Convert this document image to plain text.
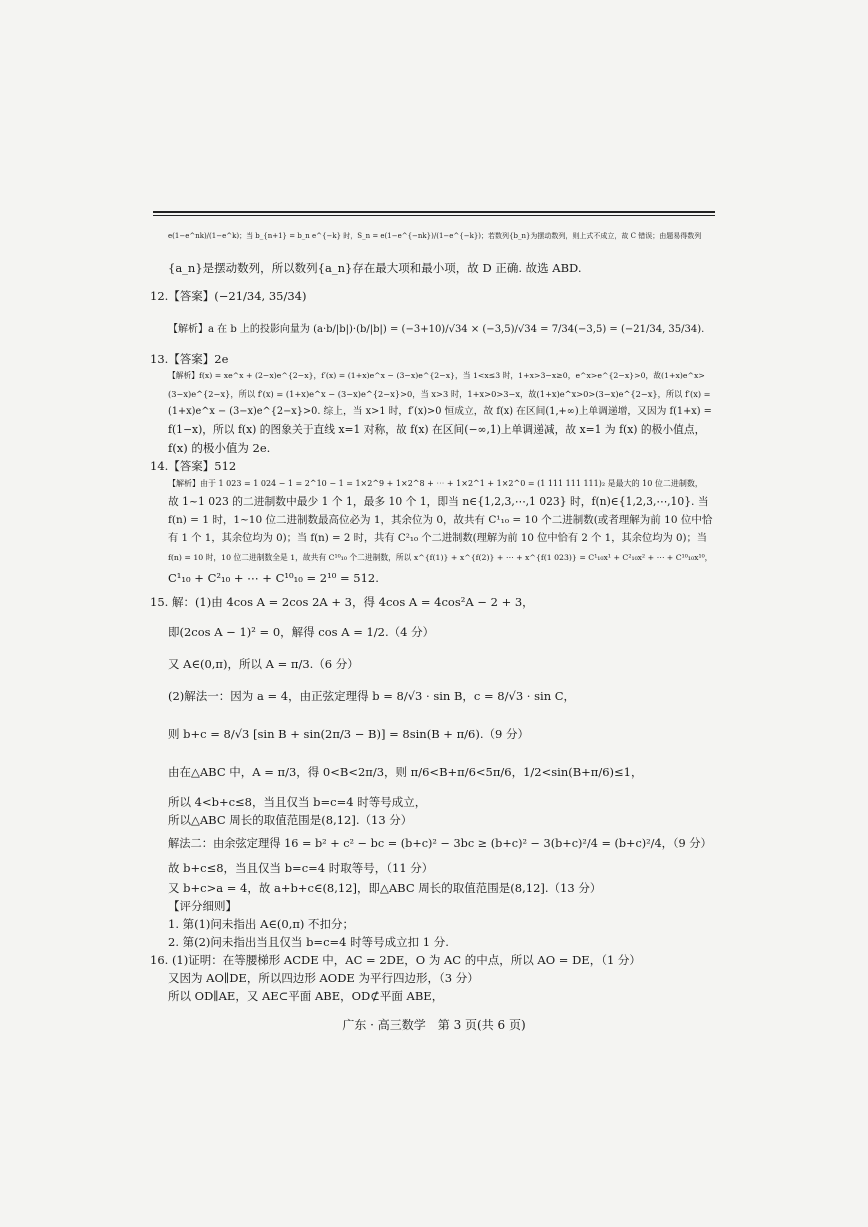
e(1−e^nk)/(1−e^k)；当 b_{n+1} = b_n e^{−k} 时，S_n = e(1−e^{−nk})/(1−e^{−k})；若数列{b_n}为摆动数列，则上式不成立，故 C 错误；由题易得数列
{a_n}是摆动数列，所以数列{a_n}存在最大项和最小项，故 D 正确. 故选 ABD.
12.【答案】(−21/34, 35/34)
【解析】a 在 b 上的投影向量为 (a·b/|b|)·(b/|b|) = (−3+10)/√34 × (−3,5)/√34 = 7/34(−3,5) = (−21/34, 35/34).
13.【答案】2e
【解析】f(x) = xe^x + (2−x)e^{2−x}，f′(x) = (1+x)e^x − (3−x)e^{2−x}，当 1<x≤3 时，1+x>3−x≥0，e^x>e^{2−x}>0，故(1+x)e^x>
(3−x)e^{2−x}，所以 f′(x) = (1+x)e^x − (3−x)e^{2−x}>0，当 x>3 时，1+x>0>3−x，故(1+x)e^x>0>(3−x)e^{2−x}，所以 f′(x) =
(1+x)e^x − (3−x)e^{2−x}>0. 综上，当 x>1 时，f′(x)>0 恒成立，故 f(x) 在区间(1,+∞)上单调递增，又因为 f(1+x) =
f(1−x)，所以 f(x) 的图象关于直线 x=1 对称，故 f(x) 在区间(−∞,1)上单调递减，故 x=1 为 f(x) 的极小值点，
f(x) 的极小值为 2e.
14.【答案】512
【解析】由于 1 023 = 1 024 − 1 = 2^10 − 1 = 1×2^9 + 1×2^8 + ⋯ + 1×2^1 + 1×2^0 = (1 111 111 111)₂ 是最大的 10 位二进制数，
故 1~1 023 的二进制数中最少 1 个 1，最多 10 个 1，即当 n∈{1,2,3,⋯,1 023} 时，f(n)∈{1,2,3,⋯,10}. 当
f(n) = 1 时，1~10 位二进制数最高位必为 1，其余位为 0，故共有 C¹₁₀ = 10 个二进制数(或者理解为前 10 位中恰
有 1 个 1，其余位均为 0)；当 f(n) = 2 时，共有 C²₁₀ 个二进制数(理解为前 10 位中恰有 2 个 1，其余位均为 0)；当
f(n) = 10 时，10 位二进制数全是 1，故共有 C¹⁰₁₀ 个二进制数，所以 x^{f(1)} + x^{f(2)} + ⋯ + x^{f(1 023)} = C¹₁₀x¹ + C²₁₀x² + ⋯ + C¹⁰₁₀x¹⁰，
C¹₁₀ + C²₁₀ + ⋯ + C¹⁰₁₀ = 2¹⁰ = 512.
15. 解：(1)由 4cos A = 2cos 2A + 3，得 4cos A = 4cos²A − 2 + 3，
即(2cos A − 1)² = 0，解得 cos A = 1/2.（4 分）
又 A∈(0,π)，所以 A = π/3.（6 分）
(2)解法一：因为 a = 4，由正弦定理得 b = 8/√3 · sin B，c = 8/√3 · sin C，
则 b+c = 8/√3 [sin B + sin(2π/3 − B)] = 8sin(B + π/6).（9 分）
由在△ABC 中，A = π/3，得 0<B<2π/3，则 π/6<B+π/6<5π/6，1/2<sin(B+π/6)≤1，
所以 4<b+c≤8，当且仅当 b=c=4 时等号成立，
所以△ABC 周长的取值范围是(8,12].（13 分）
解法二：由余弦定理得 16 = b² + c² − bc = (b+c)² − 3bc ≥ (b+c)² − 3(b+c)²/4 = (b+c)²/4，（9 分）
故 b+c≤8，当且仅当 b=c=4 时取等号，（11 分）
又 b+c>a = 4，故 a+b+c∈(8,12]，即△ABC 周长的取值范围是(8,12].（13 分）
【评分细则】
1. 第(1)问未指出 A∈(0,π) 不扣分；
2. 第(2)问未指出当且仅当 b=c=4 时等号成立扣 1 分.
16. (1)证明：在等腰梯形 ACDE 中，AC = 2DE，O 为 AC 的中点，所以 AO = DE，（1 分）
又因为 AO∥DE，所以四边形 AODE 为平行四边形，（3 分）
所以 OD∥AE，又 AE⊂平面 ABE，OD⊄平面 ABE，
广东 · 高三数学　第 3 页(共 6 页)
